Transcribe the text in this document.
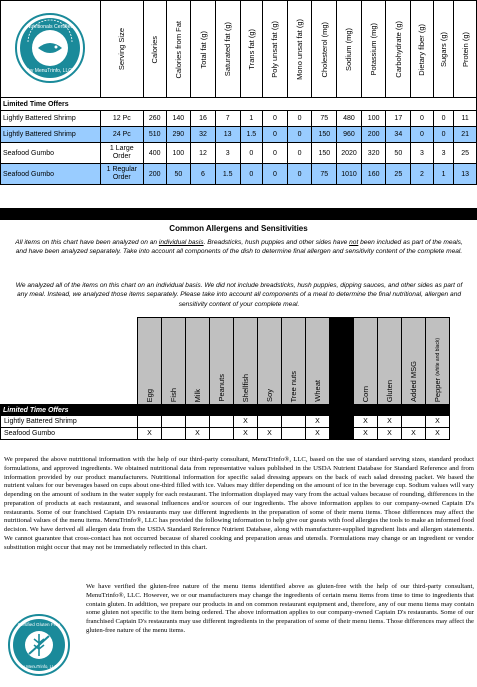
by MenuTrinfo, LLC
Nutritionals Certified	Serving Size	Calories	Calories from Fat	Total fat (g)	Saturated fat (g)	Trans fat (g)	Poly unsat fat (g)	Mono unsat fat (g)	Cholesterol (mg)	Sodium (mg)	Potassium (mg)	Carbohydrate (g)	Dietary fiber (g)	Sugars (g)	Protein (g)
Limited Time Offers															
Lightly Battered Shrimp	12 Pc	260	140	16	7	1	0	0	75	480	100	17	0	0	11
Lightly Battered Shrimp	24 Pc	510	290	32	13	1.5	0	0	150	960	200	34	0	0	21
Seafood Gumbo	1 Large Order	400	100	12	3	0	0	0	150	2020	320	50	3	3	25
Seafood Gumbo	1 Regular Order	200	50	6	1.5	0	0	0	75	1010	160	25	2	1	13
Common Allergens and Sensitivities
All items on this chart have been analyzed on an individual basis. Breadsticks, hush puppies and other sides have not been included as part of the meals, and have been analyzed separately. Take into account all components of the dish to determine final allergen and sensitivity content of the complete meal.
We analyzed all of the items on this chart on an individual basis. We did not include breadsticks, hush puppies, dipping sauces, and other sides as part of any meal. Instead, we analyzed those items separately. Please take into account all components of a meal to determine the final nutritional, allergen and sensitivity content of your complete meal.
	Egg	Fish	Milk	Peanuts	Shellfish	Soy	Tree nuts	Wheat		Corn	Gluten	Added MSG	Pepper (white and black)
Limited Time Offers													
Lightly Battered Shrimp					X			X		X	X		X
Seafood Gumbo	X		X		X	X		X		X	X	X	X
We prepared the above nutritional information with the help of our third-party consultant, MenuTrinfo®, LLC, based on the use of standard serving sizes, standard product formulations, and approved ingredients. We obtained nutritional data from representative values published in the USDA Nutrient Database for Standard Reference and from information provided by our product manufacturers. Nutritional information for specific salad dressing appears on the back of each salad dressing packet. We based the nutrient values for our beverages based on cups about one-third filled with ice. Values may differ depending on the amount of ice in the beverage cup. Sodium values will vary depending on the amount of sodium in the water supply for each restaurant. The information displayed may vary from the actual values because of rounding, differences in the preparation of products at each restaurant, and seasonal influences and/or sources of our ingredients. The above information applies to our company-owned Captain D's restaurants. Some of our franchised Captain D's restaurants may use different ingredients in the preparation of some of their menu items. Those differences may affect the nutritional values of the menu items. MenuTrinfo®, LLC has provided the following information to help give our guests with food allergies the tools to make an informed food decision. We have derived all allergen data from the USDA Standard Reference Nutrient Database, along with manufacturer-supplied ingredient lists and allergen statements. We cannot guarantee that cross-contact has not occurred because of shared cooking and preparation areas and utensils. Formulations may change or an ingredient or vendor substitution might occur that may not be immediately reflected in this chart.
Certified Gluten Free
by MenuTrinfo, LLC
We have verified the gluten-free nature of the menu items identified above as gluten-free with the help of our third-party consultant, MenuTrinfo®, LLC. However, we or our manufacturers may change the ingredients of certain menu items from time to time to ingredients that contain gluten. In addition, we prepare our products in and on common restaurant equipment and, therefore, any of our menu items may contain some gluten not specific to the item being ordered. The above information applies to our company-owned Captain D's restaurants. Some of our franchised Captain D's restaurants may use different ingredients in the preparation of some of their menu items. Those differences may affect the gluten-free nature of the menu items.
